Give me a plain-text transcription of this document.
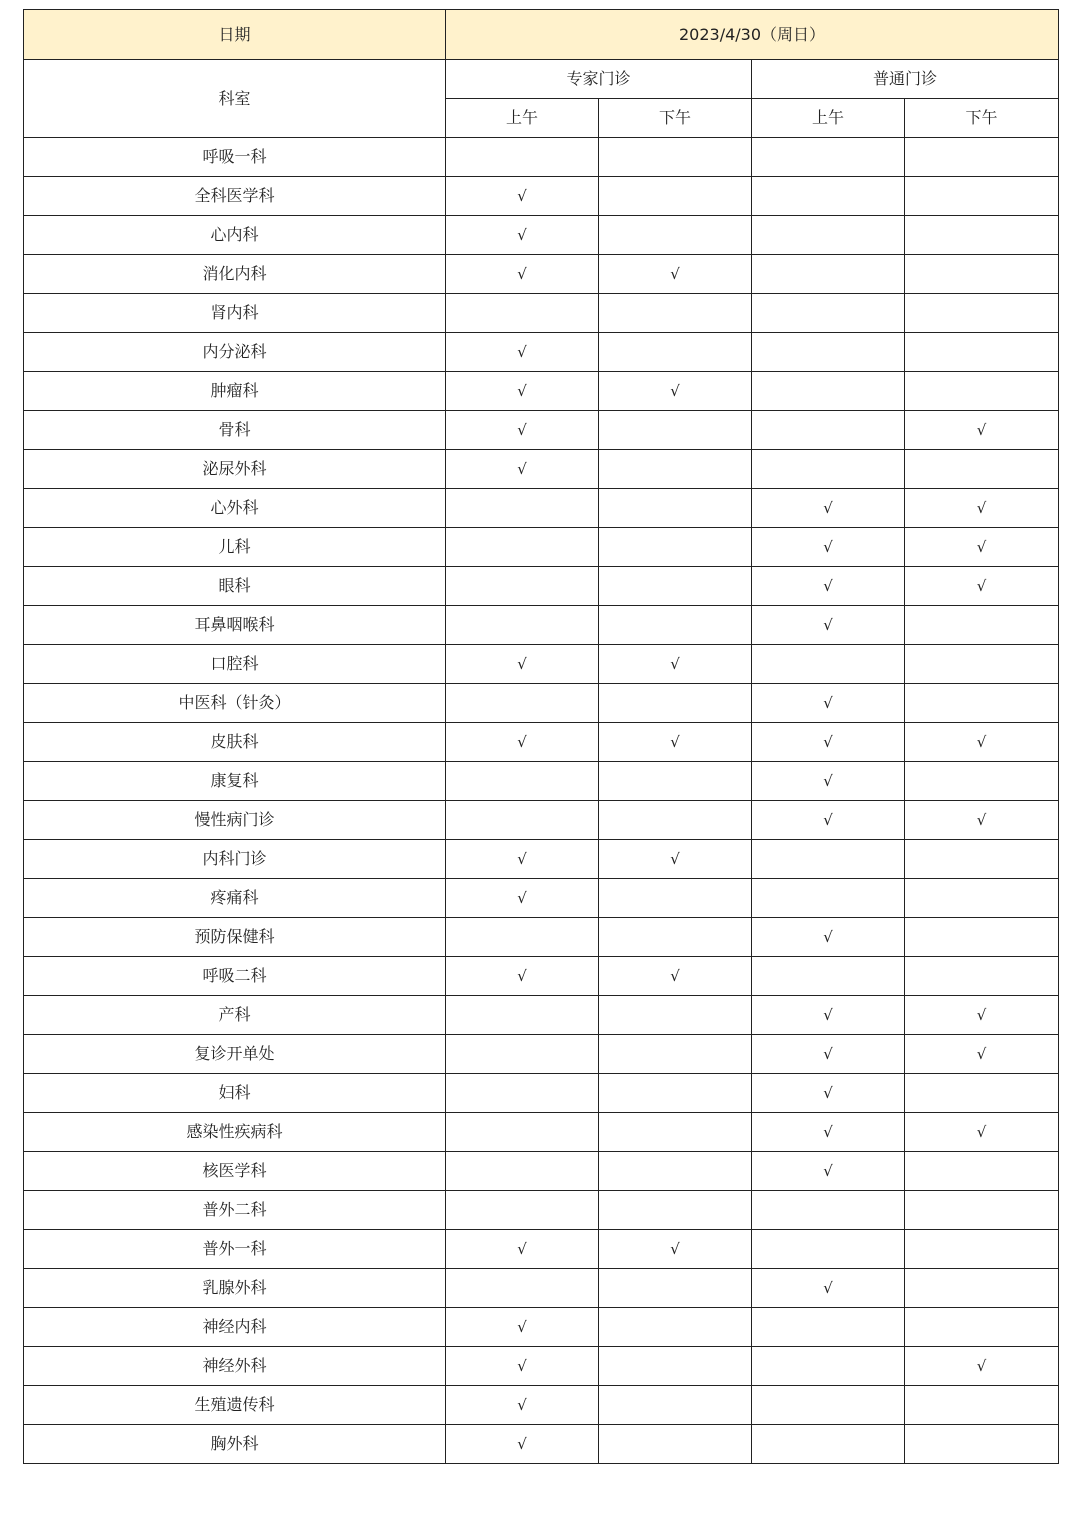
日期	2023/4/30（周日）			
科室	专家门诊		普通门诊	
	上午	下午	上午	下午
呼吸一科				
全科医学科	√			
心内科	√			
消化内科	√	√		
肾内科				
内分泌科	√			
肿瘤科	√	√		
骨科	√			√
泌尿外科	√			
心外科			√	√
儿科			√	√
眼科			√	√
耳鼻咽喉科			√	
口腔科	√	√		
中医科（针灸）			√	
皮肤科	√	√	√	√
康复科			√	
慢性病门诊			√	√
内科门诊	√	√		
疼痛科	√			
预防保健科			√	
呼吸二科	√	√		
产科			√	√
复诊开单处			√	√
妇科			√	
感染性疾病科			√	√
核医学科			√	
普外二科				
普外一科	√	√		
乳腺外科			√	
神经内科	√			
神经外科	√			√
生殖遗传科	√			
胸外科	√			
